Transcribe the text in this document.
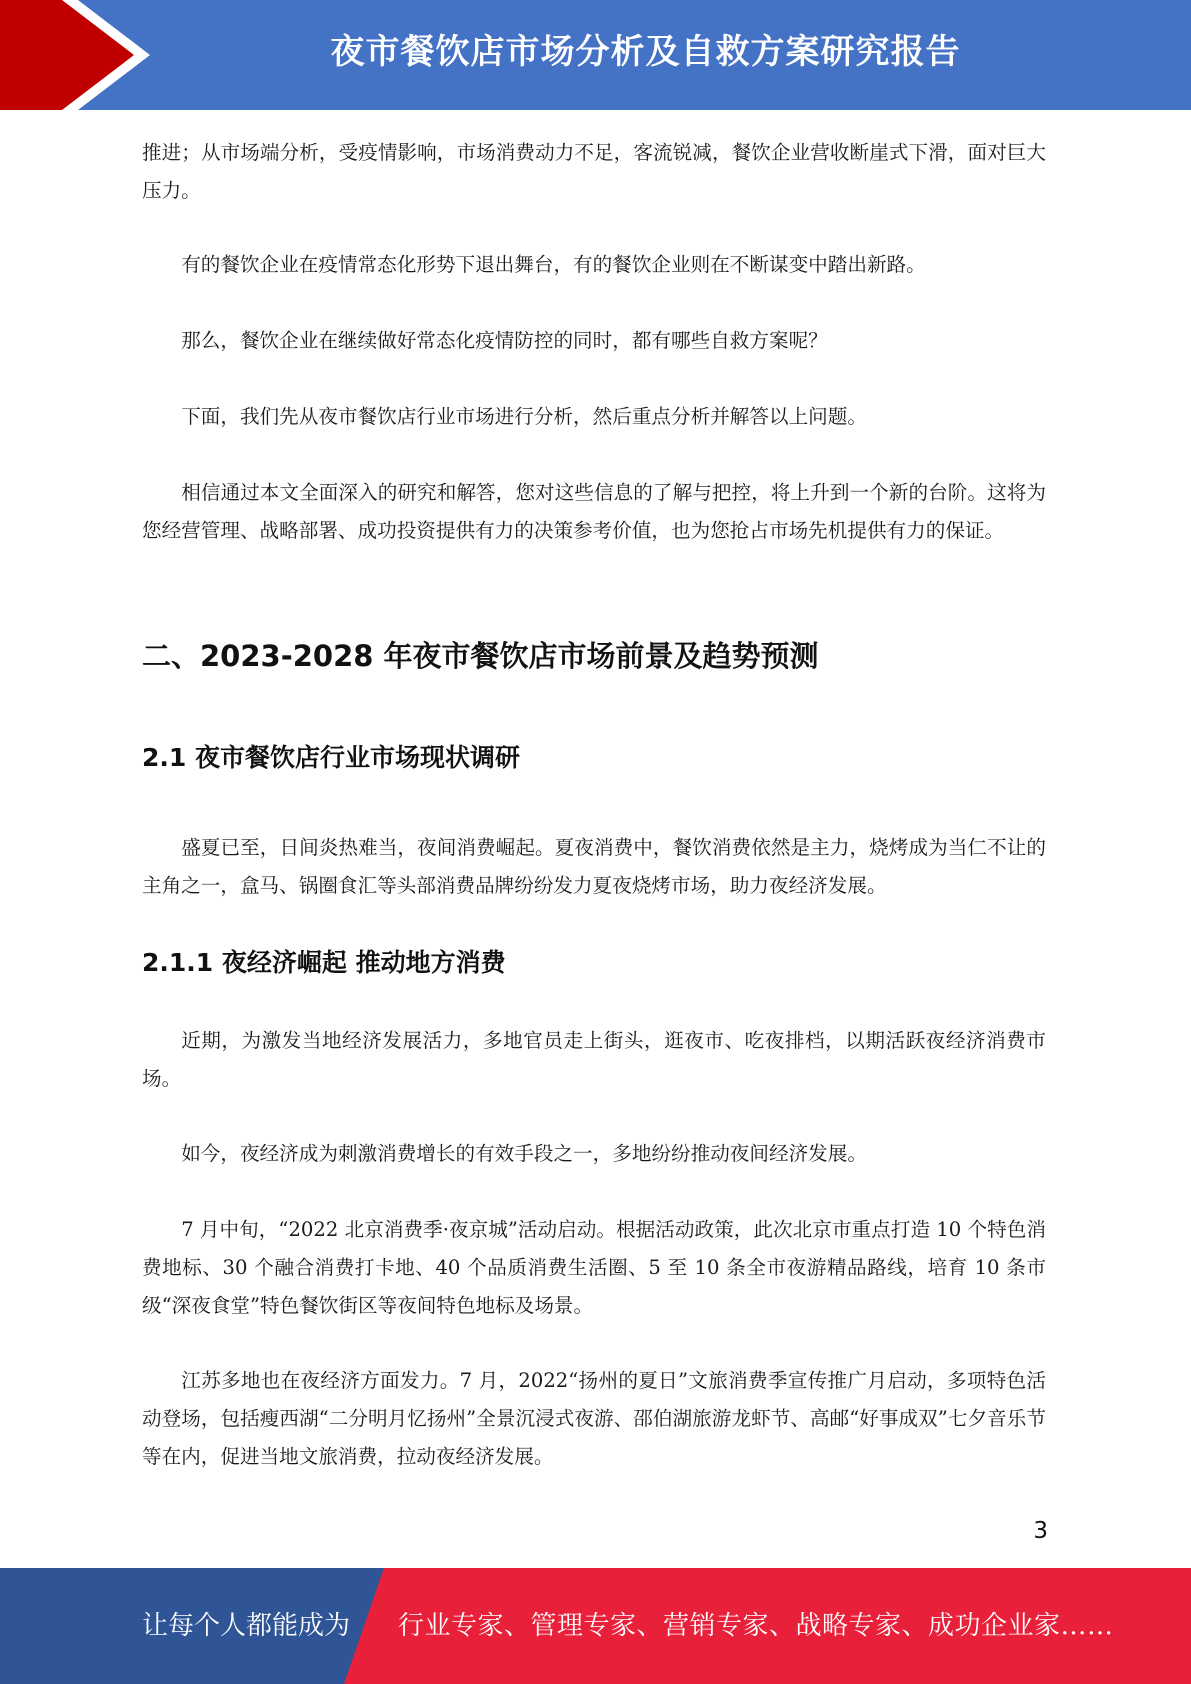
夜市餐饮店市场分析及自救方案研究报告
推进；从市场端分析，受疫情影响，市场消费动力不足，客流锐减，餐饮企业营收断崖式下滑，面对巨大压力。
有的餐饮企业在疫情常态化形势下退出舞台，有的餐饮企业则在不断谋变中踏出新路。
那么，餐饮企业在继续做好常态化疫情防控的同时，都有哪些自救方案呢？
下面，我们先从夜市餐饮店行业市场进行分析，然后重点分析并解答以上问题。
相信通过本文全面深入的研究和解答，您对这些信息的了解与把控，将上升到一个新的台阶。这将为您经营管理、战略部署、成功投资提供有力的决策参考价值，也为您抢占市场先机提供有力的保证。
二、2023-2028 年夜市餐饮店市场前景及趋势预测
2.1 夜市餐饮店行业市场现状调研
盛夏已至，日间炎热难当，夜间消费崛起。夏夜消费中，餐饮消费依然是主力，烧烤成为当仁不让的主角之一，盒马、锅圈食汇等头部消费品牌纷纷发力夏夜烧烤市场，助力夜经济发展。
2.1.1 夜经济崛起 推动地方消费
近期，为激发当地经济发展活力，多地官员走上街头，逛夜市、吃夜排档，以期活跃夜经济消费市场。
如今，夜经济成为刺激消费增长的有效手段之一，多地纷纷推动夜间经济发展。
7 月中旬，“2022 北京消费季·夜京城”活动启动。根据活动政策，此次北京市重点打造 10 个特色消费地标、30 个融合消费打卡地、40 个品质消费生活圈、5 至 10 条全市夜游精品路线，培育 10 条市级“深夜食堂”特色餐饮街区等夜间特色地标及场景。
江苏多地也在夜经济方面发力。7 月，2022“扬州的夏日”文旅消费季宣传推广月启动，多项特色活动登场，包括瘦西湖“二分明月忆扬州”全景沉浸式夜游、邵伯湖旅游龙虾节、高邮“好事成双”七夕音乐节等在内，促进当地文旅消费，拉动夜经济发展。
3
让每个人都能成为 行业专家、管理专家、营销专家、战略专家、成功企业家……
